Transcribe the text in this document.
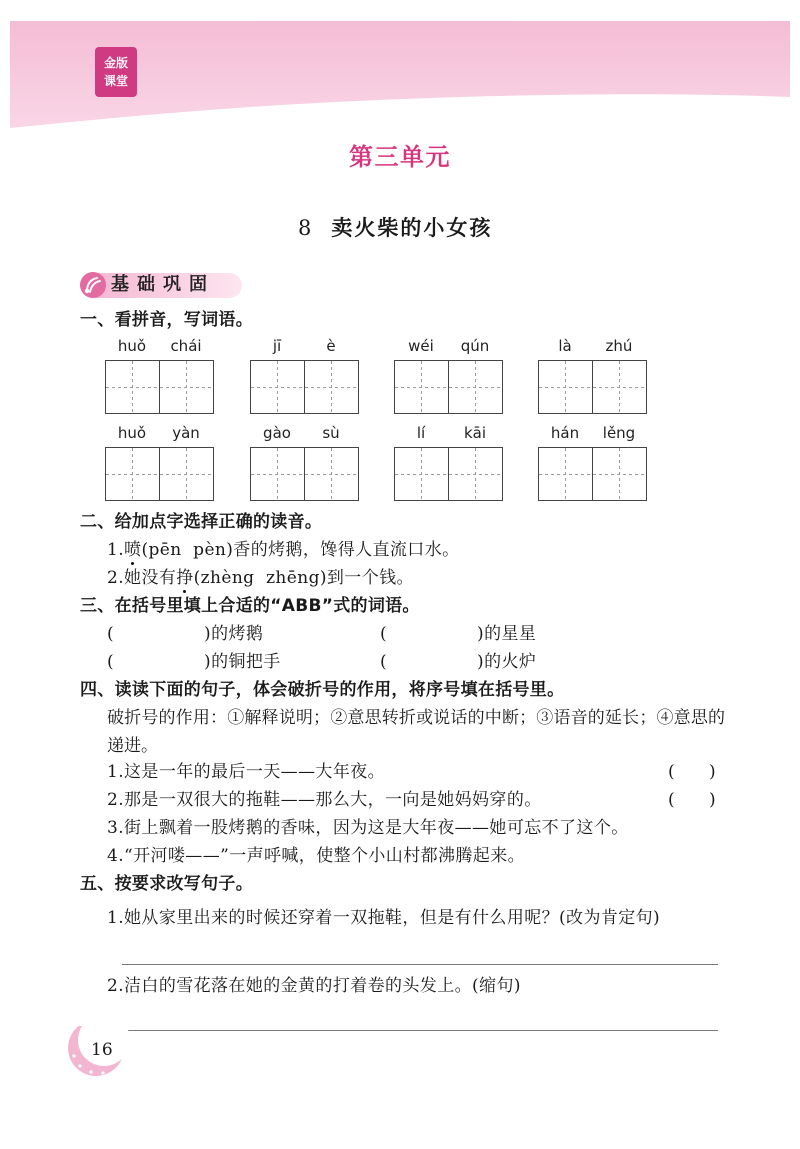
金版
课堂
第三单元
8 卖火柴的小女孩
基础巩固
一、看拼音，写词语。
huǒ	chái	jī	è	wéi	qún	là	zhú
huǒ	yàn	gào	sù	lí	kāi	hán	lěng
二、给加点字选择正确的读音。
1.喷(pēn  pèn)香的烤鹅，馋得人直流口水。
2.她没有挣(zhèng  zhēng)到一个钱。
三、在括号里填上合适的“ABB”式的词语。
(	)的烤鹅	(	)的星星
(	)的铜把手	(	)的火炉
四、读读下面的句子，体会破折号的作用，将序号填在括号里。
破折号的作用：①解释说明；②意思转折或说话的中断；③语音的延长；④意思的递进。
1.这是一年的最后一天——大年夜。	( )
2.那是一双很大的拖鞋——那么大，一向是她妈妈穿的。	( )
3.街上飘着一股烤鹅的香味，因为这是大年夜——她可忘不了这个。
4.“开河喽——”一声呼喊，使整个小山村都沸腾起来。
五、按要求改写句子。
1.她从家里出来的时候还穿着一双拖鞋，但是有什么用呢？(改为肯定句)
2.洁白的雪花落在她的金黄的打着卷的头发上。(缩句)
16
